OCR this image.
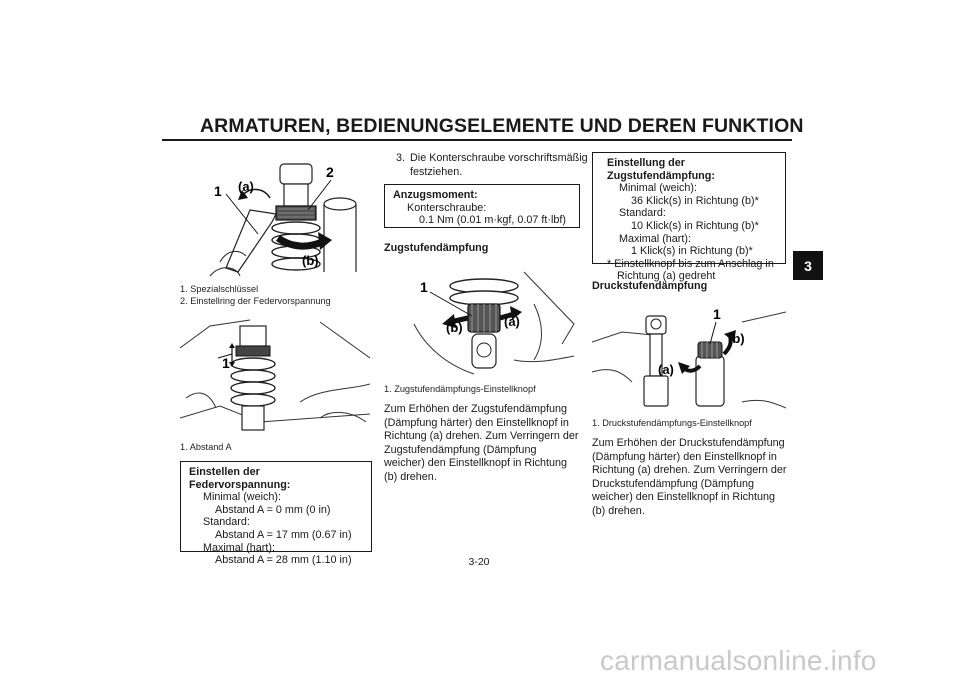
ARMATUREN, BEDIENUNGSELEMENTE UND DEREN FUNKTION
3
1
2
(a)
(b)
1. Spezialschlüssel
2. Einstellring der Federvorspannung
1
1. Abstand A
Einstellen der Federvorspannung:
Minimal (weich):
Abstand A = 0 mm (0 in)
Standard:
Abstand A = 17 mm (0.67 in)
Maximal (hart):
Abstand A = 28 mm (1.10 in)
3. Die Konterschraube vorschriftsmäßig festziehen.
Anzugsmoment:
Konterschraube:
0.1 Nm (0.01 m·kgf, 0.07 ft·lbf)
Zugstufendämpfung
1
(b)	(a)
1. Zugstufendämpfungs-Einstellknopf
Zum Erhöhen der Zugstufendämpfung (Dämpfung härter) den Einstellknopf in Richtung (a) drehen. Zum Verringern der Zugstufendämpfung (Dämpfung weicher) den Einstellknopf in Richtung (b) drehen.
Einstellung der Zugstufendämpfung:
Minimal (weich):
36 Klick(s) in Richtung (b)*
Standard:
10 Klick(s) in Richtung (b)*
Maximal (hart):
1 Klick(s) in Richtung (b)*
* Einstellknopf bis zum Anschlag in
Richtung (a) gedreht
Druckstufendämpfung
1
(b)
(a)
1. Druckstufendämpfungs-Einstellknopf
Zum Erhöhen der Druckstufendämpfung (Dämpfung härter) den Einstellknopf in Richtung (a) drehen. Zum Verringern der Druckstufendämpfung (Dämpfung weicher) den Einstellknopf in Richtung (b) drehen.
3-20
carmanualsonline.info
